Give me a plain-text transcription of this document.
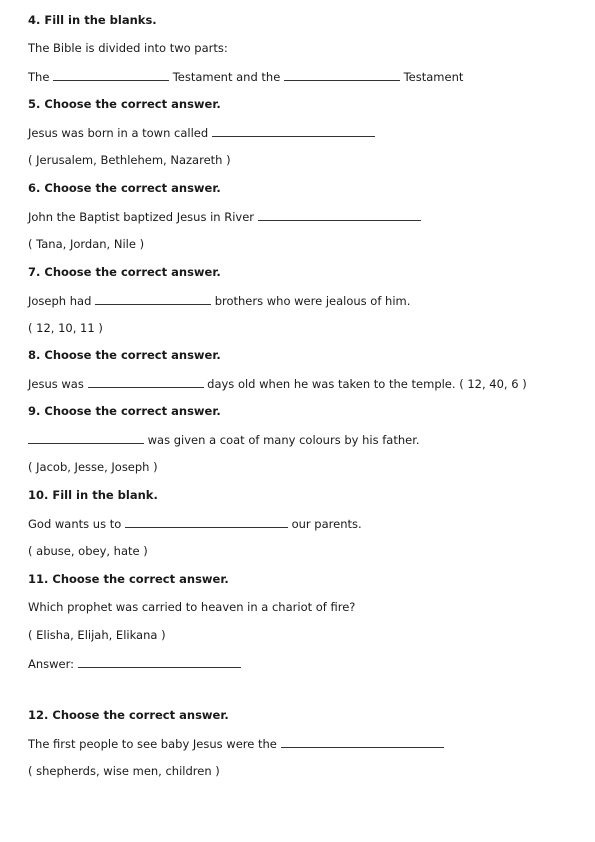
4. Fill in the blanks.
The Bible is divided into two parts:
The	Testament and the	Testament
5. Choose the correct answer.
Jesus was born in a town called
( Jerusalem, Bethlehem, Nazareth )
6. Choose the correct answer.
John the Baptist baptized Jesus in River
( Tana, Jordan, Nile )
7. Choose the correct answer.
Joseph had	brothers who were jealous of him.
( 12, 10, 11 )
8. Choose the correct answer.
Jesus was	days old when he was taken to the temple. ( 12, 40, 6 )
9. Choose the correct answer.
was given a coat of many colours by his father.
( Jacob, Jesse, Joseph )
10. Fill in the blank.
God wants us to	our parents.
( abuse, obey, hate )
11. Choose the correct answer.
Which prophet was carried to heaven in a chariot of fire?
( Elisha, Elijah, Elikana )
Answer:
12. Choose the correct answer.
The first people to see baby Jesus were the
( shepherds, wise men, children )
